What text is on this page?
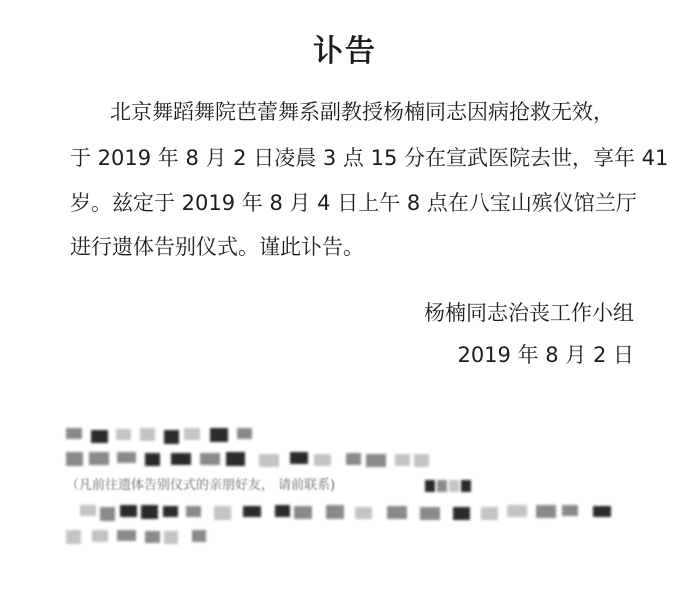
讣告
北京舞蹈舞院芭蕾舞系副教授杨楠同志因病抢救无效，
于 2019 年 8 月 2 日凌晨 3 点 15 分在宣武医院去世，享年 41
岁。兹定于 2019 年 8 月 4 日上午 8 点在八宝山殡仪馆兰厅
进行遗体告别仪式。谨此讣告。
杨楠同志治丧工作小组
2019 年 8 月 2 日
（凡前往遗体告别仪式的亲朋好友， 请前联系)
